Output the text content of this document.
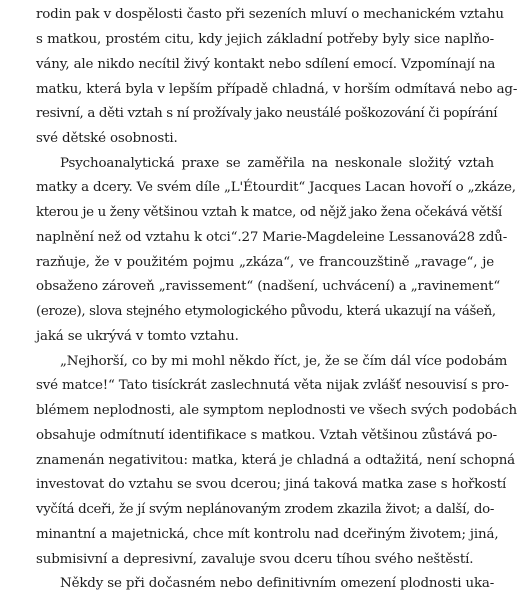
rodin pak v dospělosti často při sezeních mluví o mechanickém vztahu
s matkou, prostém citu, kdy jejich základní potřeby byly sice naplňo-
vány, ale nikdo necítil živý kontakt nebo sdílení emocí. Vzpomínají na
matku, která byla v lepším případě chladná, v horším odmítavá nebo ag-
resivní, a děti vztah s ní prožívaly jako neustálé poškozování či popírání
své dětské osobnosti.
Psychoanalytická praxe se zaměřila na neskonale složitý vztah
matky a dcery. Ve svém díle „L'Étourdit“ Jacques Lacan hovoří o „zkáze,
kterou je u ženy většinou vztah k matce, od nějž jako žena očekává větší
naplnění než od vztahu k otci“.27 Marie-Magdeleine Lessanová28 zdů-
razňuje, že v použitém pojmu „zkáza“, ve francouzštině „ravage“, je
obsaženo zároveň „ravissement“ (nadšení, uchvácení) a „ravinement“
(eroze), slova stejného etymologického původu, která ukazují na vášeň,
jaká se ukrývá v tomto vztahu.
„Nejhorší, co by mi mohl někdo říct, je, že se čím dál více podobám
své matce!“ Tato tisíckrát zaslechnutá věta nijak zvlášť nesouvisí s pro-
blémem neplodnosti, ale symptom neplodnosti ve všech svých podobách
obsahuje odmítnutí identifikace s matkou. Vztah většinou zůstává po-
znamenán negativitou: matka, která je chladná a odtažitá, není schopná
investovat do vztahu se svou dcerou; jiná taková matka zase s hořkostí
vyčítá dceři, že jí svým neplánovaným zrodem zkazila život; a další, do-
minantní a majetnická, chce mít kontrolu nad dceřiným životem; jiná,
submisivní a depresivní, zavaluje svou dceru tíhou svého neštěstí.
Někdy se při dočasném nebo definitivním omezení plodnosti uka-
